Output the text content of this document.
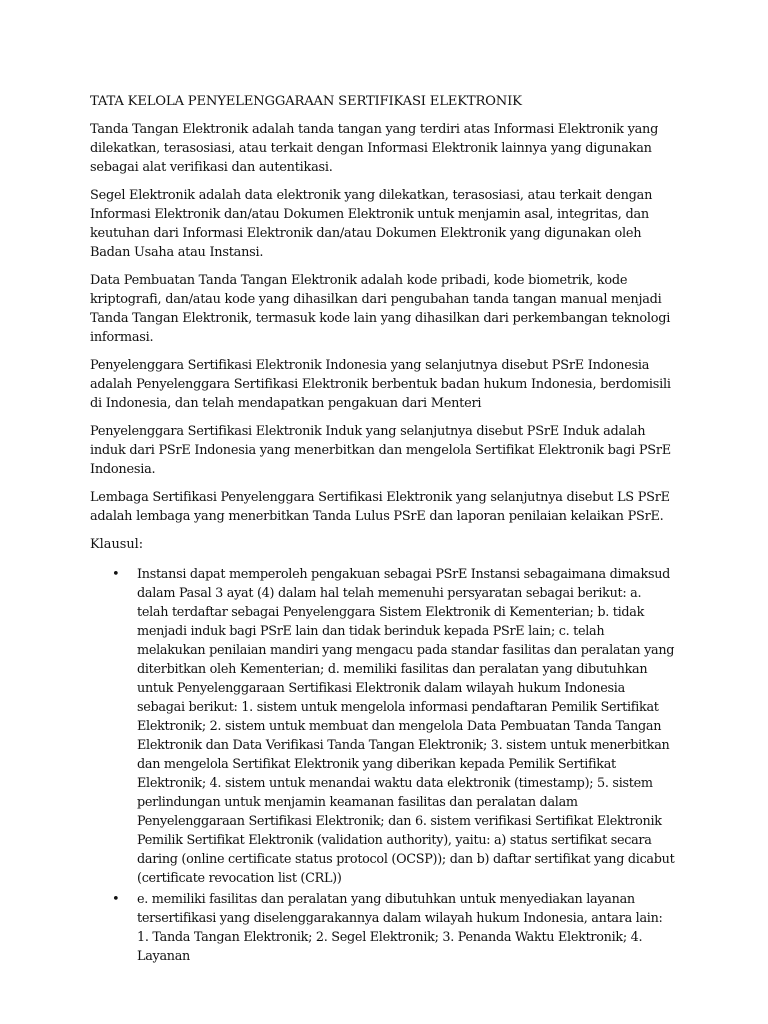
TATA KELOLA PENYELENGGARAAN SERTIFIKASI ELEKTRONIK

Tanda Tangan Elektronik adalah tanda tangan yang terdiri atas Informasi Elektronik yang dilekatkan, terasosiasi, atau terkait dengan Informasi Elektronik lainnya yang digunakan sebagai alat verifikasi dan autentikasi.

Segel Elektronik adalah data elektronik yang dilekatkan, terasosiasi, atau terkait dengan Informasi Elektronik dan/atau Dokumen Elektronik untuk menjamin asal, integritas, dan keutuhan dari Informasi Elektronik dan/atau Dokumen Elektronik yang digunakan oleh Badan Usaha atau Instansi.

Data Pembuatan Tanda Tangan Elektronik adalah kode pribadi, kode biometrik, kode kriptografi, dan/atau kode yang dihasilkan dari pengubahan tanda tangan manual menjadi Tanda Tangan Elektronik, termasuk kode lain yang dihasilkan dari perkembangan teknologi informasi.

Penyelenggara Sertifikasi Elektronik Indonesia yang selanjutnya disebut PSrE Indonesia adalah Penyelenggara Sertifikasi Elektronik berbentuk badan hukum Indonesia, berdomisili di Indonesia, dan telah mendapatkan pengakuan dari Menteri

Penyelenggara Sertifikasi Elektronik Induk yang selanjutnya disebut PSrE Induk adalah induk dari PSrE Indonesia yang menerbitkan dan mengelola Sertifikat Elektronik bagi PSrE Indonesia.

Lembaga Sertifikasi Penyelenggara Sertifikasi Elektronik yang selanjutnya disebut LS PSrE adalah lembaga yang menerbitkan Tanda Lulus PSrE dan laporan penilaian kelaikan PSrE.

Klausul:

• Instansi dapat memperoleh pengakuan sebagai PSrE Instansi sebagaimana dimaksud dalam Pasal 3 ayat (4) dalam hal telah memenuhi persyaratan sebagai berikut: a. telah terdaftar sebagai Penyelenggara Sistem Elektronik di Kementerian; b. tidak menjadi induk bagi PSrE lain dan tidak berinduk kepada PSrE lain; c. telah melakukan penilaian mandiri yang mengacu pada standar fasilitas dan peralatan yang diterbitkan oleh Kementerian; d. memiliki fasilitas dan peralatan yang dibutuhkan untuk Penyelenggaraan Sertifikasi Elektronik dalam wilayah hukum Indonesia sebagai berikut: 1. sistem untuk mengelola informasi pendaftaran Pemilik Sertifikat Elektronik; 2. sistem untuk membuat dan mengelola Data Pembuatan Tanda Tangan Elektronik dan Data Verifikasi Tanda Tangan Elektronik; 3. sistem untuk menerbitkan dan mengelola Sertifikat Elektronik yang diberikan kepada Pemilik Sertifikat Elektronik; 4. sistem untuk menandai waktu data elektronik (timestamp); 5. sistem perlindungan untuk menjamin keamanan fasilitas dan peralatan dalam Penyelenggaraan Sertifikasi Elektronik; dan 6. sistem verifikasi Sertifikat Elektronik Pemilik Sertifikat Elektronik (validation authority), yaitu: a) status sertifikat secara daring (online certificate status protocol (OCSP)); dan b) daftar sertifikat yang dicabut (certificate revocation list (CRL))
• e. memiliki fasilitas dan peralatan yang dibutuhkan untuk menyediakan layanan tersertifikasi yang diselenggarakannya dalam wilayah hukum Indonesia, antara lain: 1. Tanda Tangan Elektronik; 2. Segel Elektronik; 3. Penanda Waktu Elektronik; 4. Layanan
